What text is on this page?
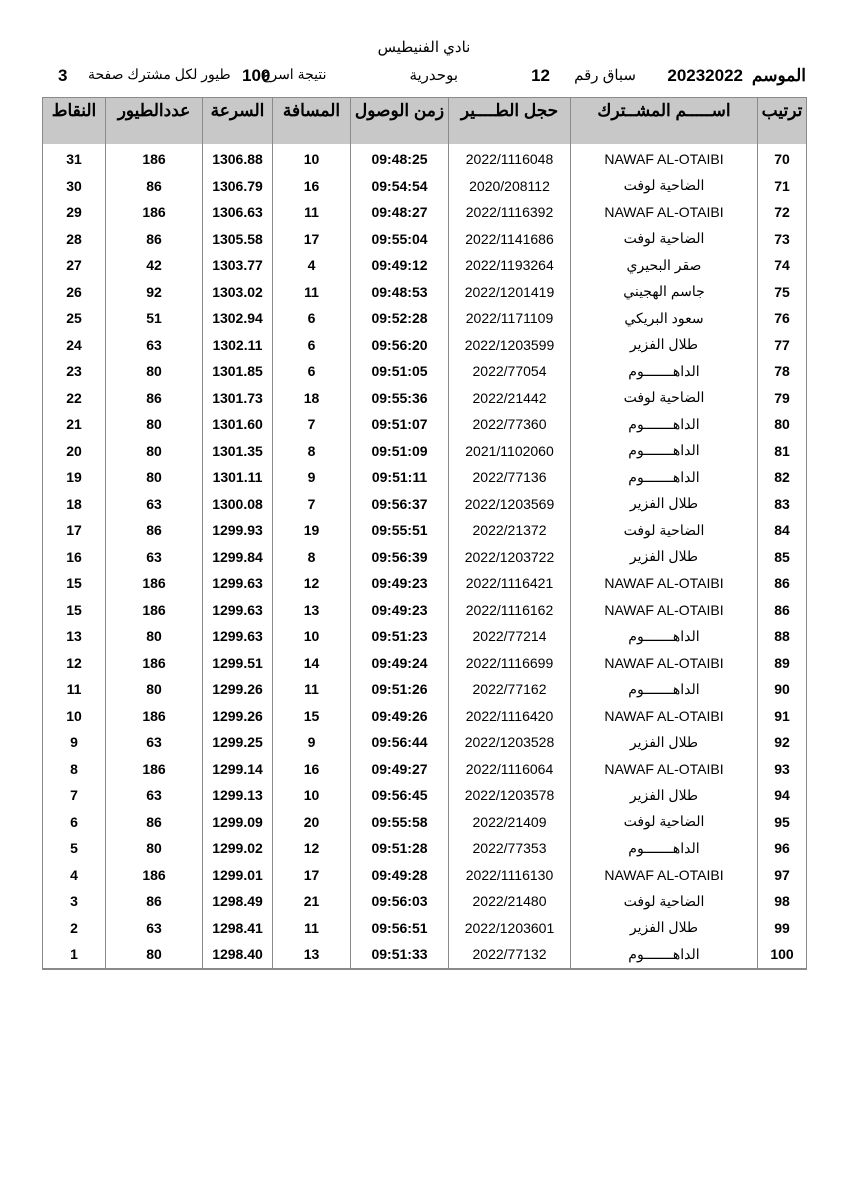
نادي الفنيطيس
الموسم
20232022
سباق رقم
12
بوحدرية
نتيجة اسرع
100
طيور لكل مشترك صفحة
3
النقاط	عددالطيور	السرعة	المسافة	زمن الوصول	حجل الطــــير	اســـــم المشــترك	ترتيب

31	186	1306.88	10	09:48:25	2022/1116048	NAWAF AL-OTAIBI	70
30	86	1306.79	16	09:54:54	2020/208112	الضاحية لوفت	71
29	186	1306.63	11	09:48:27	2022/1116392	NAWAF AL-OTAIBI	72
28	86	1305.58	17	09:55:04	2022/1141686	الضاحية لوفت	73
27	42	1303.77	4	09:49:12	2022/1193264	صقر البحيري	74
26	92	1303.02	11	09:48:53	2022/1201419	جاسم الهجيني	75
25	51	1302.94	6	09:52:28	2022/1171109	سعود البريكي	76
24	63	1302.11	6	09:56:20	2022/1203599	طلال الفزير	77
23	80	1301.85	6	09:51:05	2022/77054	الداهـــــــوم	78
22	86	1301.73	18	09:55:36	2022/21442	الضاحية لوفت	79
21	80	1301.60	7	09:51:07	2022/77360	الداهـــــــوم	80
20	80	1301.35	8	09:51:09	2021/1102060	الداهـــــــوم	81
19	80	1301.11	9	09:51:11	2022/77136	الداهـــــــوم	82
18	63	1300.08	7	09:56:37	2022/1203569	طلال الفزير	83
17	86	1299.93	19	09:55:51	2022/21372	الضاحية لوفت	84
16	63	1299.84	8	09:56:39	2022/1203722	طلال الفزير	85
15	186	1299.63	12	09:49:23	2022/1116421	NAWAF AL-OTAIBI	86
15	186	1299.63	13	09:49:23	2022/1116162	NAWAF AL-OTAIBI	86
13	80	1299.63	10	09:51:23	2022/77214	الداهـــــــوم	88
12	186	1299.51	14	09:49:24	2022/1116699	NAWAF AL-OTAIBI	89
11	80	1299.26	11	09:51:26	2022/77162	الداهـــــــوم	90
10	186	1299.26	15	09:49:26	2022/1116420	NAWAF AL-OTAIBI	91
9	63	1299.25	9	09:56:44	2022/1203528	طلال الفزير	92
8	186	1299.14	16	09:49:27	2022/1116064	NAWAF AL-OTAIBI	93
7	63	1299.13	10	09:56:45	2022/1203578	طلال الفزير	94
6	86	1299.09	20	09:55:58	2022/21409	الضاحية لوفت	95
5	80	1299.02	12	09:51:28	2022/77353	الداهـــــــوم	96
4	186	1299.01	17	09:49:28	2022/1116130	NAWAF AL-OTAIBI	97
3	86	1298.49	21	09:56:03	2022/21480	الضاحية لوفت	98
2	63	1298.41	11	09:56:51	2022/1203601	طلال الفزير	99
1	80	1298.40	13	09:51:33	2022/77132	الداهـــــــوم	100
